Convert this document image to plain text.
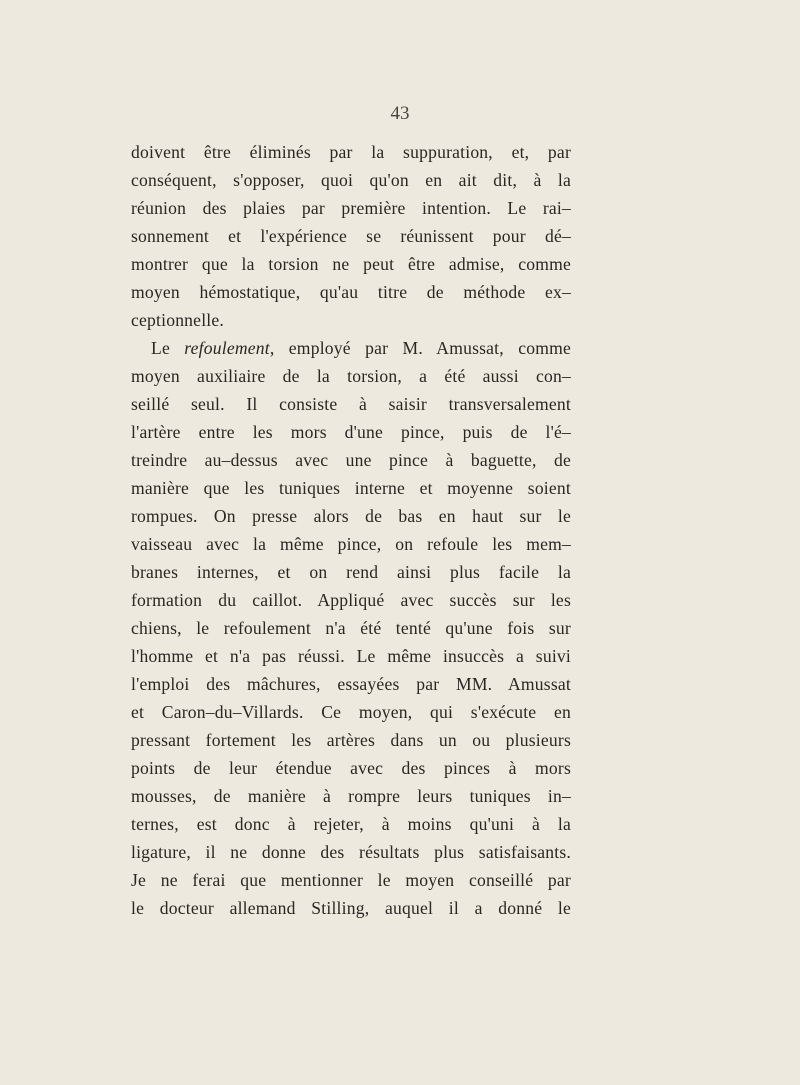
43
doivent être éliminés par la suppuration, et, par
conséquent, s'opposer, quoi qu'on en ait dit, à la
réunion des plaies par première intention. Le rai–
sonnement et l'expérience se réunissent pour dé–
montrer que la torsion ne peut être admise, comme
moyen hémostatique, qu'au titre de méthode ex–
ceptionnelle.
Le refoulement, employé par M. Amussat, comme
moyen auxiliaire de la torsion, a été aussi con–
seillé seul. Il consiste à saisir transversalement
l'artère entre les mors d'une pince, puis de l'é–
treindre au–dessus avec une pince à baguette, de
manière que les tuniques interne et moyenne soient
rompues. On presse alors de bas en haut sur le
vaisseau avec la même pince, on refoule les mem–
branes internes, et on rend ainsi plus facile la
formation du caillot. Appliqué avec succès sur les
chiens, le refoulement n'a été tenté qu'une fois sur
l'homme et n'a pas réussi. Le même insuccès a suivi
l'emploi des mâchures, essayées par MM. Amussat
et Caron–du–Villards. Ce moyen, qui s'exécute en
pressant fortement les artères dans un ou plusieurs
points de leur étendue avec des pinces à mors
mousses, de manière à rompre leurs tuniques in–
ternes, est donc à rejeter, à moins qu'uni à la
ligature, il ne donne des résultats plus satisfaisants.
Je ne ferai que mentionner le moyen conseillé par
le docteur allemand Stilling, auquel il a donné le
